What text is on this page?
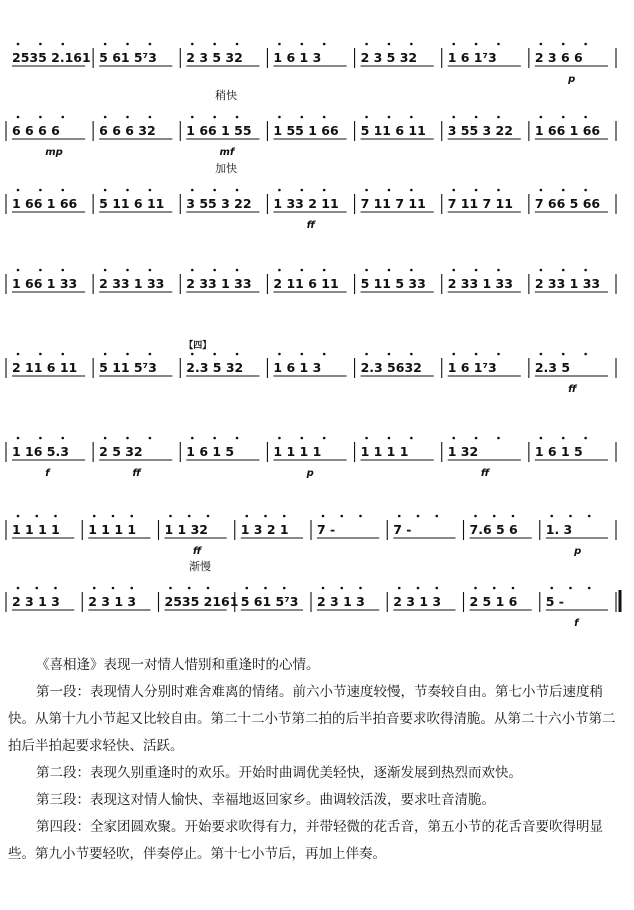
2535 2.161 5 61 5⁷3 2 3 5 32 1 6 1 3	2 3 5 32 1 6 1⁷3	2 3 6 6
p
稍快
6 6 6 6
mp
6 6 6 32 1 66 1 55
mf
1 55 1 66 5 11 6 11 3 55 3 22 1 66 1 66
加快
1 66 1 66 5 11 6 11 3 55 3 22 1 33 2 11
ff
7 11 7 11 7 11 7 11 7 66 5 66
1 66 1 33 2 33 1 33 2 33 1 33 2 11 6 11 5 11 5 33 2 33 1 33 2 33 1 33
2 11 6 11 5 11 5⁷3 2.3 5 32
【四】
1 6 1 3	2.3 5632 1 6 1⁷3	2.3 5
ff
1 16 5.3
f
2 5 32
ff
1 6 1 5	1 1 1 1
p
1 1 1 1	1 32
ff
1 6 1 5
1 1 1 1 1 1 1 1 1 1 32
ff
1 3 2 1 7 -	7 -	7.6 5 6 1. 3
p
渐慢
2 3 1 3 2 3 1 3 2535 2161 5 61 5⁷3 2 3 1 3 2 3 1 3 2 5 1 6 5 -
f

《喜相逢》表现一对情人惜别和重逢时的心情。

第一段：表现情人分别时难舍难离的情绪。前六小节速度较慢，节奏较自由。第七小节后速度稍快。从第十九小节起又比较自由。第二十二小节第二拍的后半拍音要求吹得清脆。从第二十六小节第二拍后半拍起要求轻快、活跃。

第二段：表现久别重逢时的欢乐。开始时曲调优美轻快，逐渐发展到热烈而欢快。

第三段：表现这对情人愉快、幸福地返回家乡。曲调较活泼，要求吐音清脆。

第四段：全家团圆欢聚。开始要求吹得有力，并带轻微的花舌音，第五小节的花舌音要吹得明显些。第九小节要轻吹，伴奏停止。第十七小节后，再加上伴奏。
